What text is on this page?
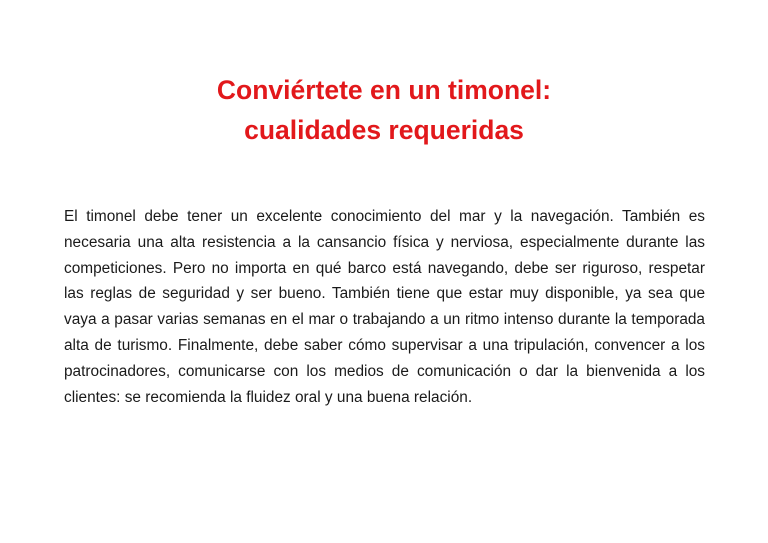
Conviértete en un timonel:
cualidades requeridas

El timonel debe tener un excelente conocimiento del mar y la navegación. También es necesaria una alta resistencia a la cansancio física y nerviosa, especialmente durante las competiciones. Pero no importa en qué barco está navegando, debe ser riguroso, respetar las reglas de seguridad y ser bueno. También tiene que estar muy disponible, ya sea que vaya a pasar varias semanas en el mar o trabajando a un ritmo intenso durante la temporada alta de turismo. Finalmente, debe saber cómo supervisar a una tripulación, convencer a los patrocinadores, comunicarse con los medios de comunicación o dar la bienvenida a los clientes: se recomienda la fluidez oral y una buena relación.
